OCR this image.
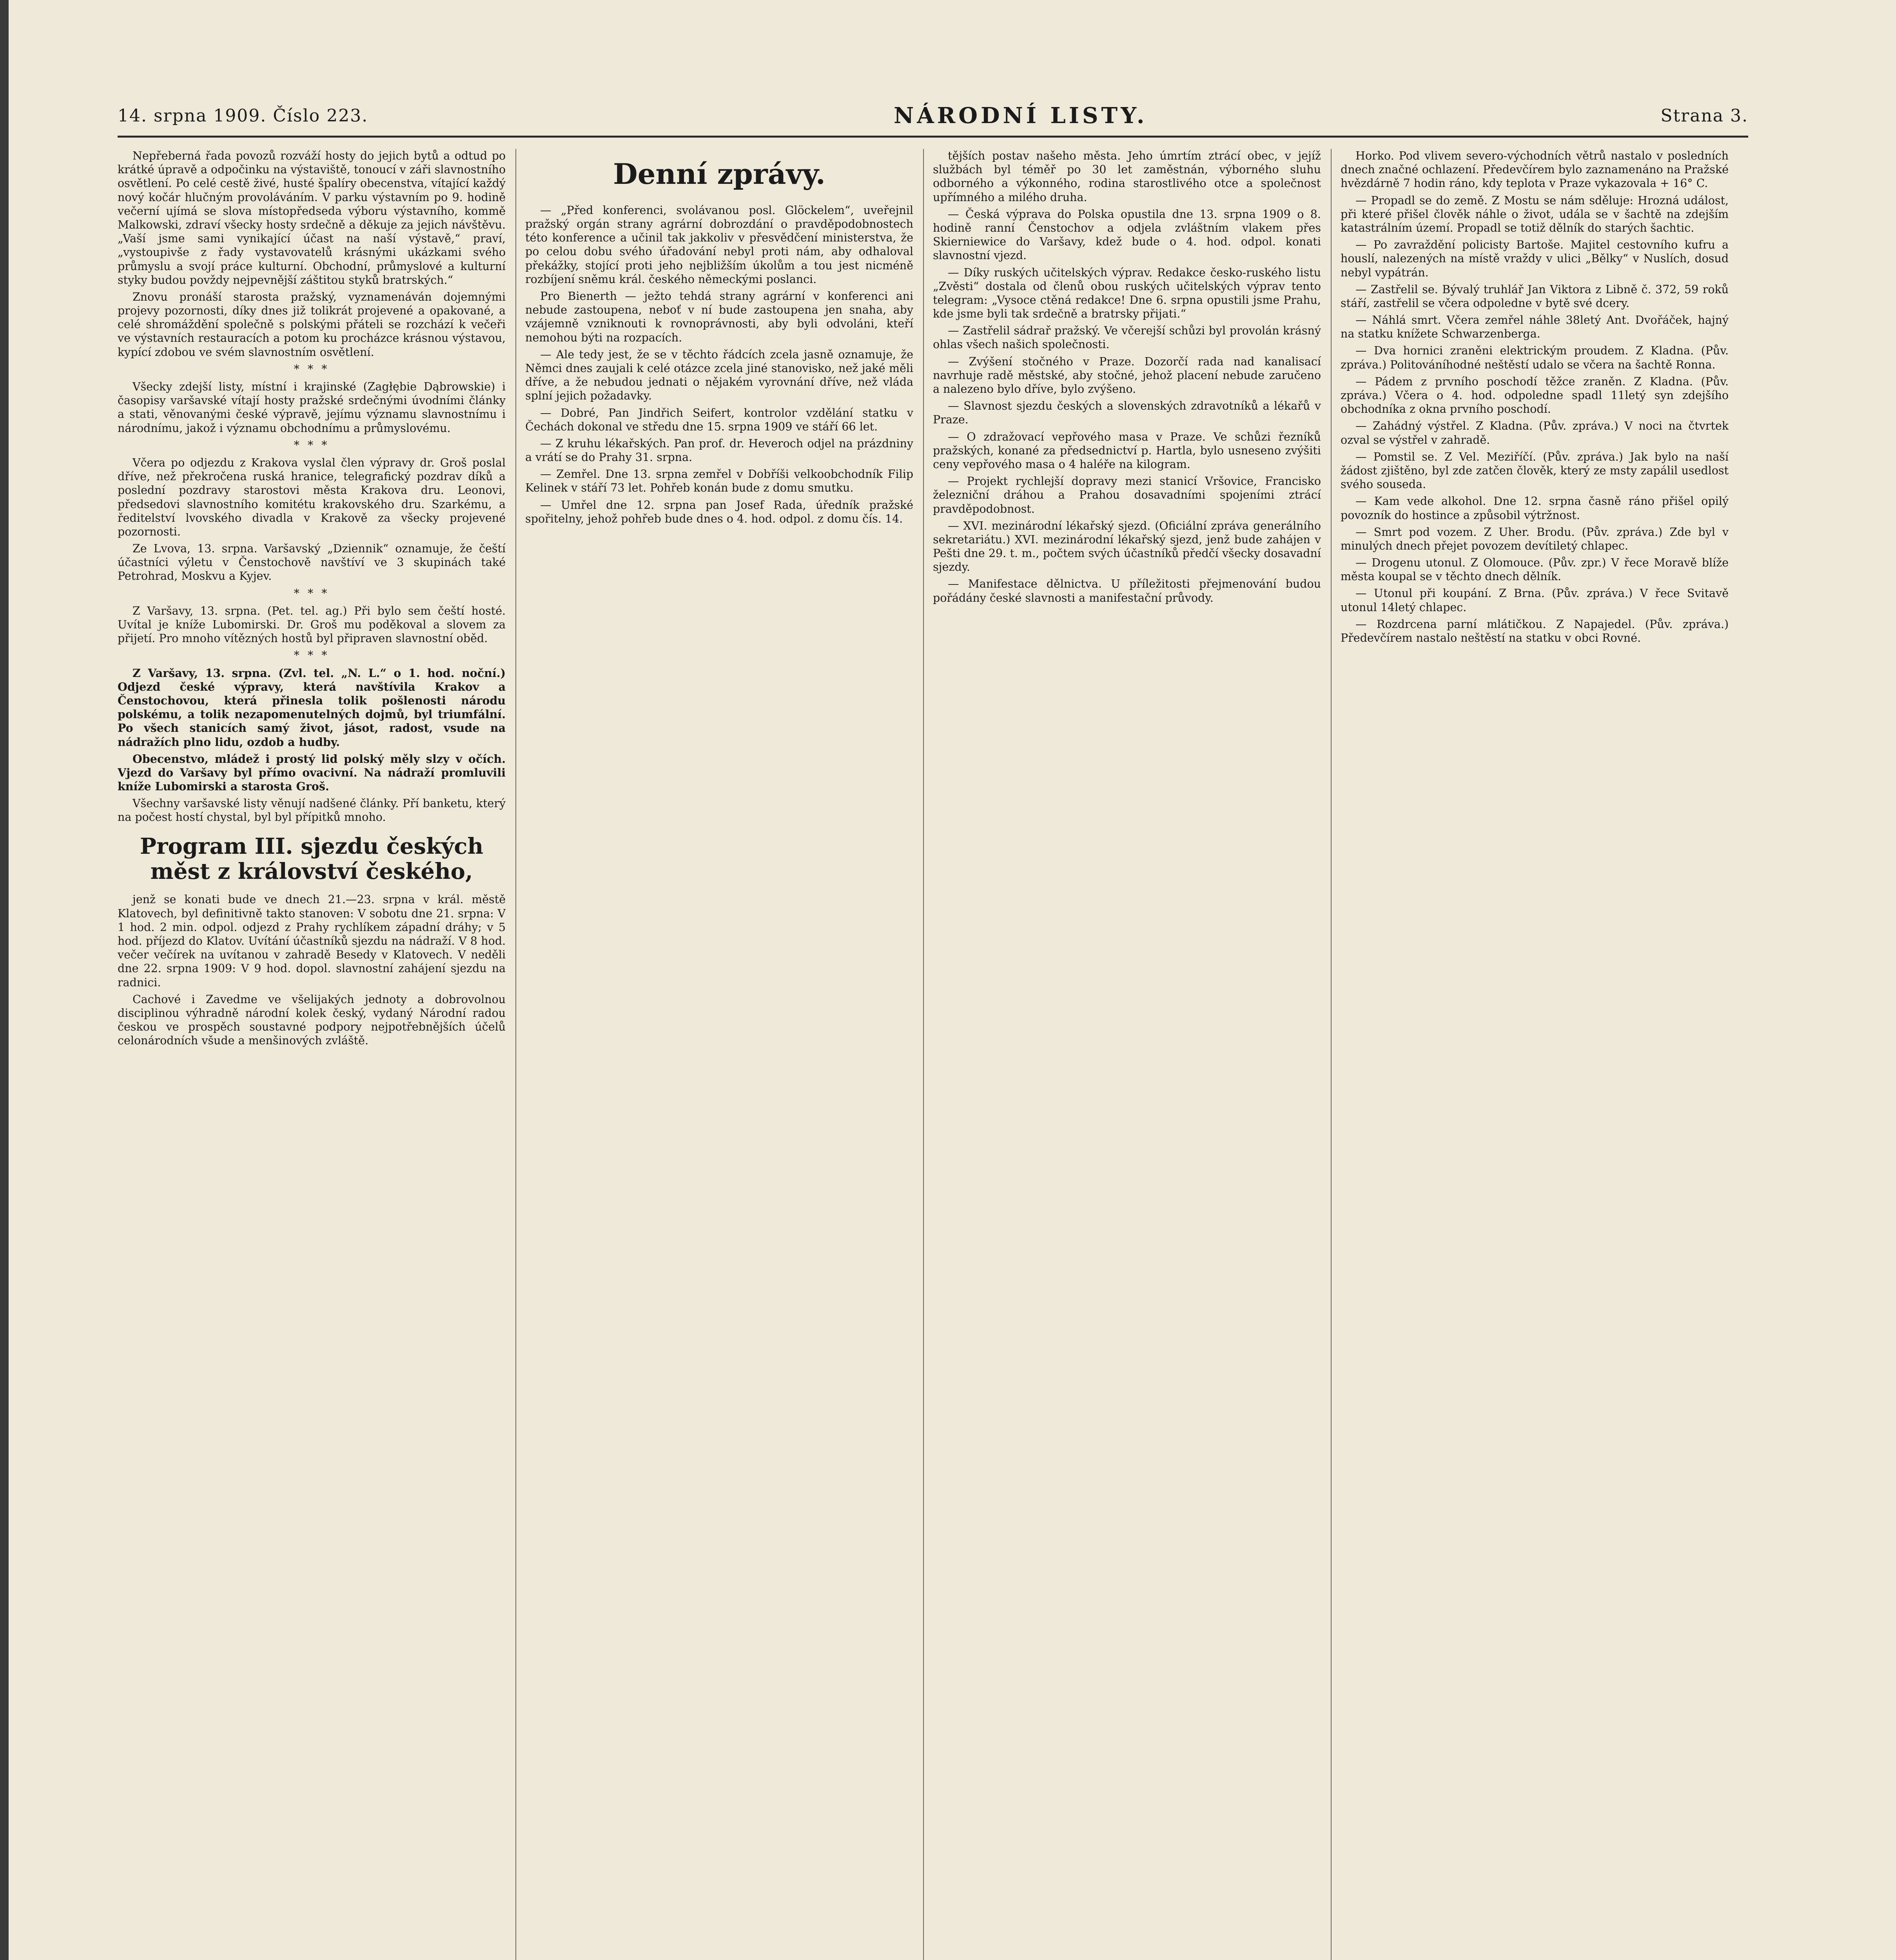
14. srpna 1909. Číslo 223.	NÁRODNÍ LISTY.	Strana 3.

Nepřeberná řada povozů rozváží hosty do jejich bytů a odtud po krátké úpravě a odpočinku na výstaviště, tonoucí v záři slavnostního osvětlení. Po celé cestě živé, husté špalíry obecenstva, vítající každý nový kočár hlučným provoláváním. V parku výstavním po 9. hodině večerní ujímá se slova místopředseda výboru výstavního, kommě Malkowski, zdraví všecky hosty srdečně a děkuje za jejich návštěvu. „Vaší jsme sami vynikající účast na naší výstavě,“ praví, „vystoupivše z řady vystavovatelů krásnými ukázkami svého průmyslu a svojí práce kulturní. Obchodní, průmyslové a kulturní styky budou povždy nejpevnější záštitou styků bratrských.“

Znovu pronáší starosta pražský, vyznamenáván dojemnými projevy pozornosti, díky dnes již tolikrát projevené a opakované, a celé shromáždění společně s polskými přáteli se rozchází k večeři ve výstavních restauracích a potom ku procházce krásnou výstavou, kypící zdobou ve svém slavnostním osvětlení.

* * *

Všecky zdejší listy, místní i krajinské (Zagłębie Dąbrowskie) i časopisy varšavské vítají hosty pražské srdečnými úvodními články a stati, věnovanými české výpravě, jejímu významu slavnostnímu i národnímu, jakož i významu obchodnímu a průmyslovému.

* * *

Včera po odjezdu z Krakova vyslal člen výpravy dr. Groš poslal dříve, než překročena ruská hranice, telegrafický pozdrav díků a poslední pozdravy starostovi města Krakova dru. Leonovi, předsedovi slavnostního komitétu krakovského dru. Szarkému, a ředitelství lvovského divadla v Krakově za všecky projevené pozornosti.

Ze Lvova, 13. srpna. Varšavský „Dziennik“ oznamuje, že čeští účastníci výletu v Čenstochově navštíví ve 3 skupinách také Petrohrad, Moskvu a Kyjev.

* * *

Z Varšavy, 13. srpna. (Pet. tel. ag.) Při bylo sem čeští hosté. Uvítal je kníže Lubomirski. Dr. Groš mu poděkoval a slovem za přijetí. Pro mnoho vítězných hostů byl připraven slavnostní oběd.

* * *

Z Varšavy, 13. srpna. (Zvl. tel. „N. L.“ o 1. hod. noční.) Odjezd české výpravy, která navštívila Krakov a Čenstochovou, která přinesla tolik pošlenosti národu polskému, a tolik nezapomenutelných dojmů, byl triumfální. Po všech stanicích samý život, jásot, radost, vsude na nádražích plno lidu, ozdob a hudby.

Obecenstvo, mládež i prostý lid polský měly slzy v očích. Vjezd do Varšavy byl přímo ovacivní. Na nádraží promluvili kníže Lubomirski a starosta Groš.

Všechny varšavské listy věnují nadšené články. Pří banketu, který na počest hostí chystal, byl byl přípitků mnoho.

Program III. sjezdu českých měst z království českého,

jenž se konati bude ve dnech 21.—23. srpna v král. městě Klatovech, byl definitivně takto stanoven: V sobotu dne 21. srpna: V 1 hod. 2 min. odpol. odjezd z Prahy rychlíkem západní dráhy; v 5 hod. příjezd do Klatov. Uvítání účastníků sjezdu na nádraží. V 8 hod. večer večírek na uvítanou v zahradě Besedy v Klatovech. V neděli dne 22. srpna 1909: V 9 hod. dopol. slavnostní zahájení sjezdu na radnici.

Cachové i Zavedme ve všelijakých jednoty a dobrovolnou disciplinou výhradně národní kolek český, vydaný Národní radou českou ve prospěch soustavné podpory nejpotřebnějších účelů celonárodních všude a menšinových zvláště.

Denní zprávy.

— „Před konferenci, svolávanou posl. Glöckelem“, uveřejnil pražský orgán strany agrární dobrozdání o pravděpodobnostech této konference a učinil tak jakkoliv v přesvědčení ministerstva, že po celou dobu svého úřadování nebyl proti nám, aby odhaloval překážky, stojící proti jeho nejbližším úkolům a tou jest nicméně rozbíjení sněmu král. českého německými poslanci.

Pro Bienerth — ježto tehdá strany agrární v konferenci ani nebude zastoupena, neboť v ní bude zastoupena jen snaha, aby vzájemně vzniknouti k rovnoprávnosti, aby byli odvoláni, kteří nemohou býti na rozpacích.

— Ale tedy jest, že se v těchto řádcích zcela jasně oznamuje, že Němci dnes zaujali k celé otázce zcela jiné stanovisko, než jaké měli dříve, a že nebudou jednati o nějakém vyrovnání dříve, než vláda splní jejich požadavky.

— Dobré, Pan Jindřich Seifert, kontrolor vzdělání statku v Čechách dokonal ve středu dne 15. srpna 1909 ve stáří 66 let.

— Z kruhu lékařských. Pan prof. dr. Heveroch odjel na prázdniny a vrátí se do Prahy 31. srpna.

— Zemřel. Dne 13. srpna zemřel v Dobříši velkoobchodník Filip Kelinek v stáří 73 let. Pohřeb konán bude z domu smutku.

— Umřel dne 12. srpna pan Josef Rada, úředník pražské spořitelny, jehož pohřeb bude dnes o 4. hod. odpol. z domu čís. 14.

tějších postav našeho města. Jeho úmrtím ztrácí obec, v jejíž službách byl téměř po 30 let zaměstnán, výborného sluhu odborného a výkonného, rodina starostlivého otce a společnost upřímného a milého druha.

— Česká výprava do Polska opustila dne 13. srpna 1909 o 8. hodině ranní Čenstochov a odjela zvláštním vlakem přes Skierniewice do Varšavy, kdež bude o 4. hod. odpol. konati slavnostní vjezd.

— Díky ruských učitelských výprav. Redakce česko-ruského listu „Zvěsti“ dostala od členů obou ruských učitelských výprav tento telegram: „Vysoce ctěná redakce! Dne 6. srpna opustili jsme Prahu, kde jsme byli tak srdečně a bratrsky přijati.“

— Zastřelil sádrař pražský. Ve včerejší schůzi byl provolán krásný ohlas všech našich společnosti.

— Zvýšení stočného v Praze. Dozorčí rada nad kanalisací navrhuje radě městské, aby stočné, jehož placení nebude zaručeno a nalezeno bylo dříve, bylo zvýšeno.

— Slavnost sjezdu českých a slovenských zdravotníků a lékařů v Praze.

— O zdražovací vepřového masa v Praze. Ve schůzi řezníků pražských, konané za předsednictví p. Hartla, bylo usneseno zvýšiti ceny vepřového masa o 4 haléře na kilogram.

— Projekt rychlejší dopravy mezi stanicí Vršovice, Francisko železniční dráhou a Prahou dosavadními spojeními ztrácí pravděpodobnost.

— XVI. mezinárodní lékařský sjezd. (Oficiální zpráva generálního sekretariátu.) XVI. mezinárodní lékařský sjezd, jenž bude zahájen v Pešti dne 29. t. m., počtem svých účastníků předčí všecky dosavadní sjezdy.

— Manifestace dělnictva. U příležitosti přejmenování budou pořádány české slavnosti a manifestační průvody.

Horko. Pod vlivem severo-východních větrů nastalo v posledních dnech značné ochlazení. Předevčírem bylo zaznamenáno na Pražské hvězdárně 7 hodin ráno, kdy teplota v Praze vykazovala + 16° C.

— Propadl se do země. Z Mostu se nám sděluje: Hrozná událost, při které přišel člověk náhle o život, udála se v šachtě na zdejším katastrálním území. Propadl se totiž dělník do starých šachtic.

— Po zavraždění policisty Bartoše. Majitel cestovního kufru a houslí, nalezených na místě vraždy v ulici „Bělky“ v Nuslích, dosud nebyl vypátrán.

— Zastřelil se. Bývalý truhlář Jan Viktora z Libně č. 372, 59 roků stáří, zastřelil se včera odpoledne v bytě své dcery.

— Náhlá smrt. Včera zemřel náhle 38letý Ant. Dvořáček, hajný na statku knížete Schwarzenberga.

— Dva hornici zraněni elektrickým proudem. Z Kladna. (Pův. zpráva.) Politováníhodné neštěstí udalo se včera na šachtě Ronna.

— Pádem z prvního poschodí těžce zraněn. Z Kladna. (Pův. zpráva.) Včera o 4. hod. odpoledne spadl 11letý syn zdejšího obchodníka z okna prvního poschodí.

— Zahádný výstřel. Z Kladna. (Pův. zpráva.) V noci na čtvrtek ozval se výstřel v zahradě.

— Pomstil se. Z Vel. Meziříčí. (Pův. zpráva.) Jak bylo na naší žádost zjištěno, byl zde zatčen člověk, který ze msty zapálil usedlost svého souseda.

— Kam vede alkohol. Dne 12. srpna časně ráno přišel opilý povozník do hostince a způsobil výtržnost.

— Smrt pod vozem. Z Uher. Brodu. (Pův. zpráva.) Zde byl v minulých dnech přejet povozem devítiletý chlapec.

— Drogenu utonul. Z Olomouce. (Pův. zpr.) V řece Moravě blíže města koupal se v těchto dnech dělník.

— Utonul při koupání. Z Brna. (Pův. zpráva.) V řece Svitavě utonul 14letý chlapec.

— Rozdrcena parní mlátičkou. Z Napajedel. (Pův. zpráva.) Předevčírem nastalo neštěstí na statku v obci Rovné.
